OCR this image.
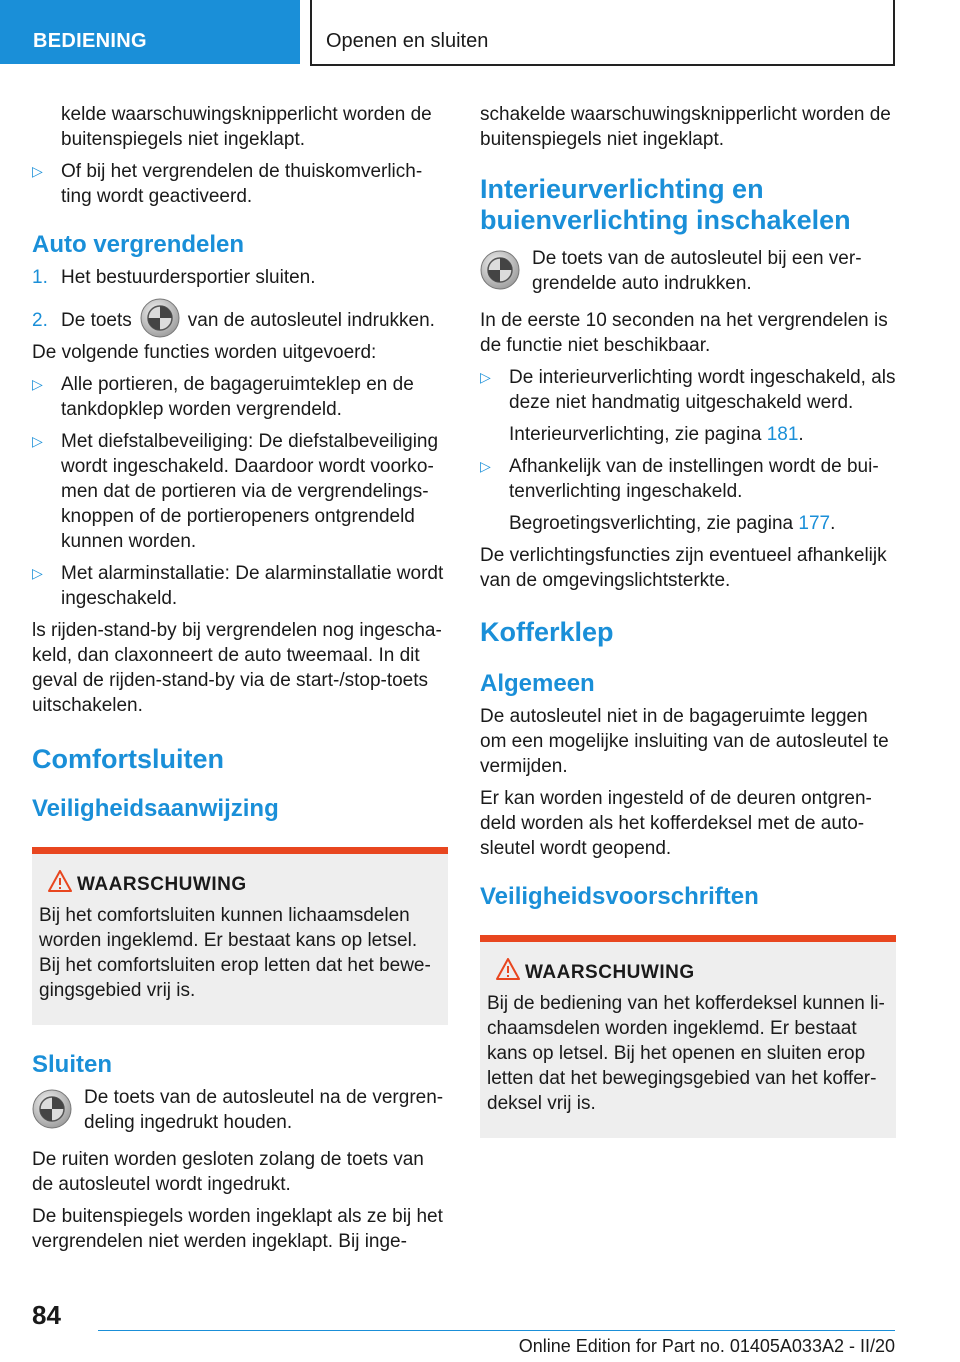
BEDIENING	Openen en sluiten

kelde waarschuwingsknipperlicht worden de buitenspiegels niet ingeklapt.

▷ Of bij het vergrendelen de thuiskomverlich-ting wordt geactiveerd.
Auto vergrendelen
1. Het bestuurdersportier sluiten.
2. De toets	van de autosleutel indrukken.

De volgende functies worden uitgevoerd:

▷ Alle portieren, de bagageruimteklep en de tankdopklep worden vergrendeld.
▷ Met diefstalbeveiliging: De diefstalbeveiliging wordt ingeschakeld. Daardoor wordt voorko-men dat de portieren via de vergrendelings-knoppen of de portieropeners ontgrendeld kunnen worden.
▷ Met alarminstallatie: De alarminstallatie wordt ingeschakeld.

ls rijden-stand-by bij vergrendelen nog ingescha-keld, dan claxonneert de auto tweemaal. In dit geval de rijden-stand-by via de start-/stop-toets uitschakelen.

Comfortsluiten
Veiligheidsaanwijzing
WAARSCHUWING
Bij het comfortsluiten kunnen lichaamsdelen worden ingeklemd. Er bestaat kans op letsel. Bij het comfortsluiten erop letten dat het bewe-gingsgebied vrij is.
Sluiten
De toets van de autosleutel na de vergren-deling ingedrukt houden.

De ruiten worden gesloten zolang de toets van de autosleutel wordt ingedrukt.

De buitenspiegels worden ingeklapt als ze bij het vergrendelen niet werden ingeklapt. Bij inge-

schakelde waarschuwingsknipperlicht worden de buitenspiegels niet ingeklapt.

Interieurverlichting en buienverlichting inschakelen
De toets van de autosleutel bij een ver-grendelde auto indrukken.

In de eerste 10 seconden na het vergrendelen is de functie niet beschikbaar.

▷ De interieurverlichting wordt ingeschakeld, als deze niet handmatig uitgeschakeld werd.

Interieurverlichting, zie pagina 181.

▷ Afhankelijk van de instellingen wordt de bui-tenverlichting ingeschakeld.

Begroetingsverlichting, zie pagina 177.

De verlichtingsfuncties zijn eventueel afhankelijk van de omgevingslichtsterkte.

Kofferklep
Algemeen

De autosleutel niet in de bagageruimte leggen om een mogelijke insluiting van de autosleutel te vermijden.

Er kan worden ingesteld of de deuren ontgren-deld worden als het kofferdeksel met de auto-sleutel wordt geopend.

Veiligheidsvoorschriften
WAARSCHUWING
Bij de bediening van het kofferdeksel kunnen li-chaamsdelen worden ingeklemd. Er bestaat kans op letsel. Bij het openen en sluiten erop letten dat het bewegingsgebied van het koffer-deksel vrij is.
84
Online Edition for Part no. 01405A033A2 - II/20
